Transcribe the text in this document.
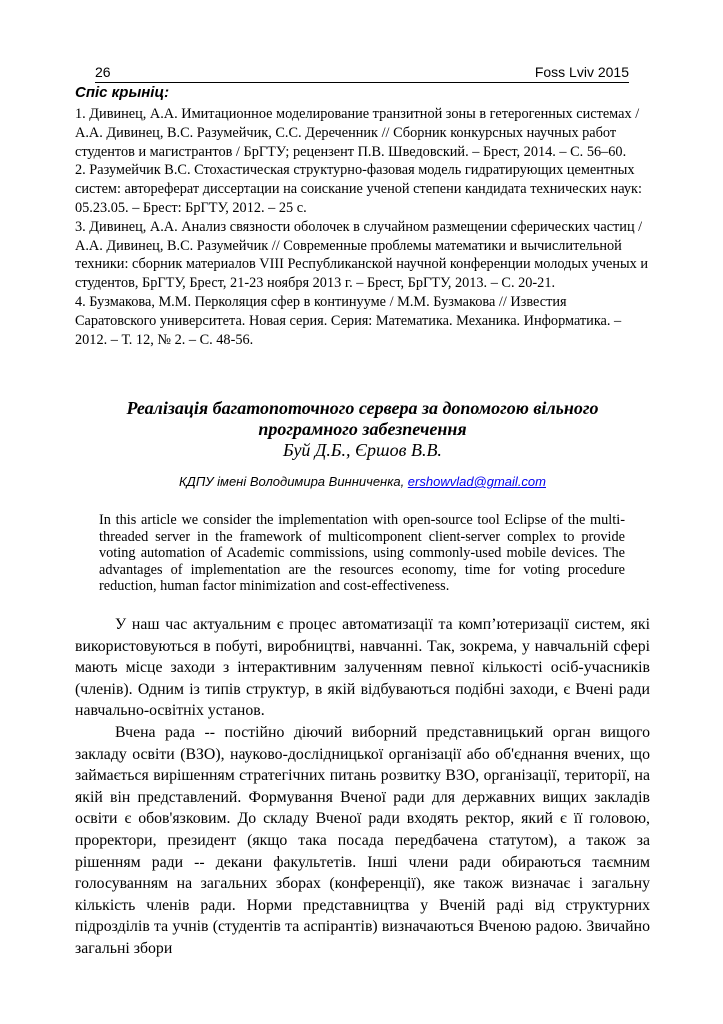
26	Foss Lviv 2015
Спіс крыніц:

1. Дивинец, А.А. Имитационное моделирование транзитной зоны в гетерогенных системах / А.А. Дивинец, В.С. Разумейчик, С.С. Дереченник // Сборник конкурсных научных работ студентов и магистрантов / БрГТУ; рецензент П.В. Шведовский. – Брест, 2014. – С. 56–60.

2. Разумейчик В.С. Стохастическая структурно-фазовая модель гидратирующих цементных систем: автореферат диссертации на соискание ученой степени кандидата технических наук: 05.23.05. – Брест: БрГТУ, 2012. – 25 с.

3. Дивинец, А.А. Анализ связности оболочек в случайном размещении сферических частиц / А.А. Дивинец, В.С. Разумейчик // Современные проблемы математики и вычислительной техники: сборник материалов VIII Республиканской научной конференции молодых ученых и студентов, БрГТУ, Брест, 21-23 ноября 2013 г. – Брест, БрГТУ, 2013. – С. 20-21.

4. Бузмакова, М.М. Перколяция сфер в континууме / М.М. Бузмакова // Известия Саратовского университета. Новая серия. Серия: Математика. Механика. Информатика. – 2012. – Т. 12, № 2. – С. 48-56.

Реалізація багатопоточного сервера за допомогою вільного
програмного забезпечення
Буй Д.Б., Єршов В.В.
КДПУ імені Володимира Винниченка, ershowvlad@gmail.com
In this article we consider the implementation with open-source tool Eclipse of the multi-threaded server in the framework of multicomponent client-server complex to provide voting automation of Academic commissions, using commonly-used mobile devices. The advantages of implementation are the resources economy, time for voting procedure reduction, human factor minimization and cost-effectiveness.

У наш час актуальним є процес автоматизації та комп’ютеризації систем, які використовуються в побуті, виробництві, навчанні. Так, зокрема, у навчальній сфері мають місце заходи з інтерактивним залученням певної кількості осіб-учасників (членів). Одним із типів структур, в якій відбуваються подібні заходи, є Вчені ради навчально-освітніх установ.

Вчена рада -- постійно діючий виборний представницький орган вищого закладу освіти (ВЗО), науково-дослідницької організації або об'єднання вчених, що займається вирішенням стратегічних питань розвитку ВЗО, організації, території, на якій він представлений. Формування Вченої ради для державних вищих закладів освіти є обов'язковим. До складу Вченої ради входять ректор, який є її головою, проректори, президент (якщо така посада передбачена статутом), а також за рішенням ради -- декани факультетів. Інші члени ради обираються таємним голосуванням на загальних зборах (конференції), яке також визначає і загальну кількість членів ради. Норми представництва у Вченій раді від структурних підрозділів та учнів (студентів та аспірантів) визначаються Вченою радою. Звичайно загальні збори
